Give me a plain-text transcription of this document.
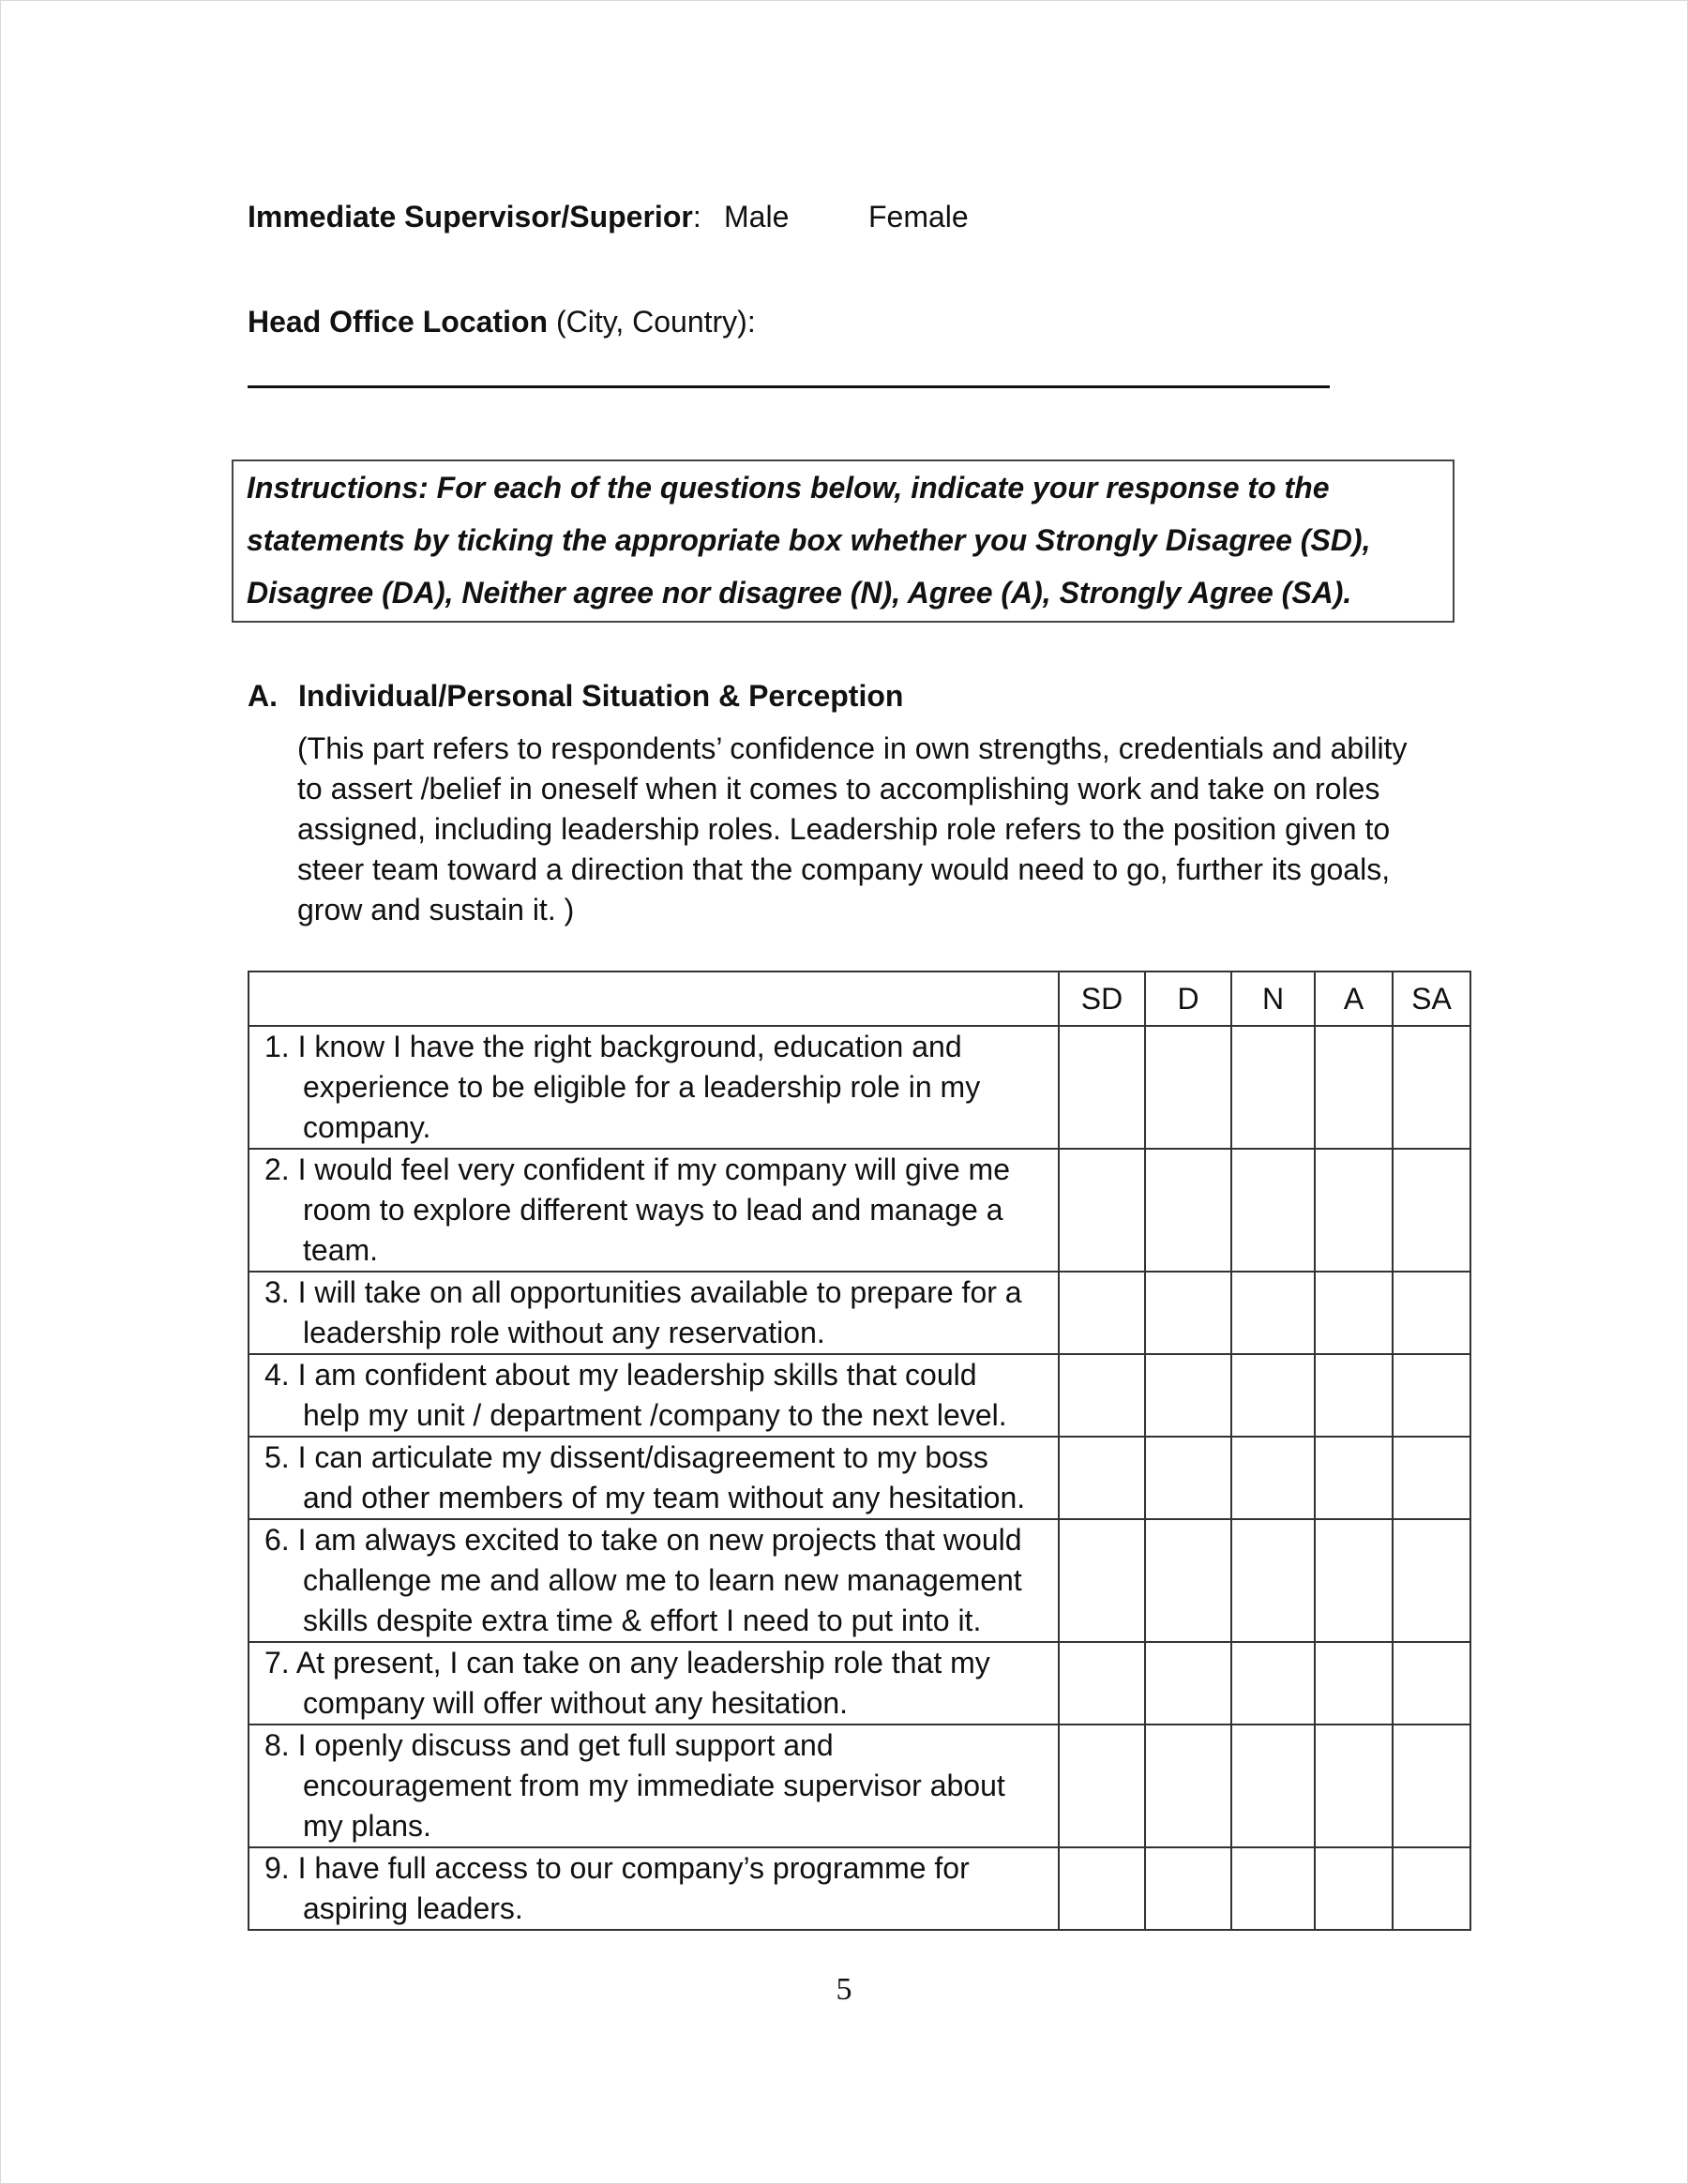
Immediate Supervisor/Superior: Male	Female
Head Office Location (City, Country):
Instructions: For each of the questions below, indicate your response to the
statements by ticking the appropriate box whether you Strongly Disagree (SD),
Disagree (DA), Neither agree nor disagree (N), Agree (A), Strongly Agree (SA).
A. Individual/Personal Situation & Perception
(This part refers to respondents’ confidence in own strengths, credentials and ability
to assert /belief in oneself when it comes to accomplishing work and take on roles
assigned, including leadership roles. Leadership role refers to the position given to
steer team toward a direction that the company would need to go, further its goals,
grow and sustain it. )
	SD	D	N	A	SA

1. I know I have the right background, education and
experience to be eligible for a leadership role in my
company.					

2. I would feel very confident if my company will give me
room to explore different ways to lead and manage a
team.					

3. I will take on all opportunities available to prepare for a
leadership role without any reservation.					

4. I am confident about my leadership skills that could
help my unit / department /company to the next level.					

5. I can articulate my dissent/disagreement to my boss
and other members of my team without any hesitation.					

6. I am always excited to take on new projects that would
challenge me and allow me to learn new management
skills despite extra time & effort I need to put into it.					

7. At present, I can take on any leadership role that my
company will offer without any hesitation.					

8. I openly discuss and get full support and
encouragement from my immediate supervisor about
my plans.					

9. I have full access to our company’s programme for
aspiring leaders.					

5
